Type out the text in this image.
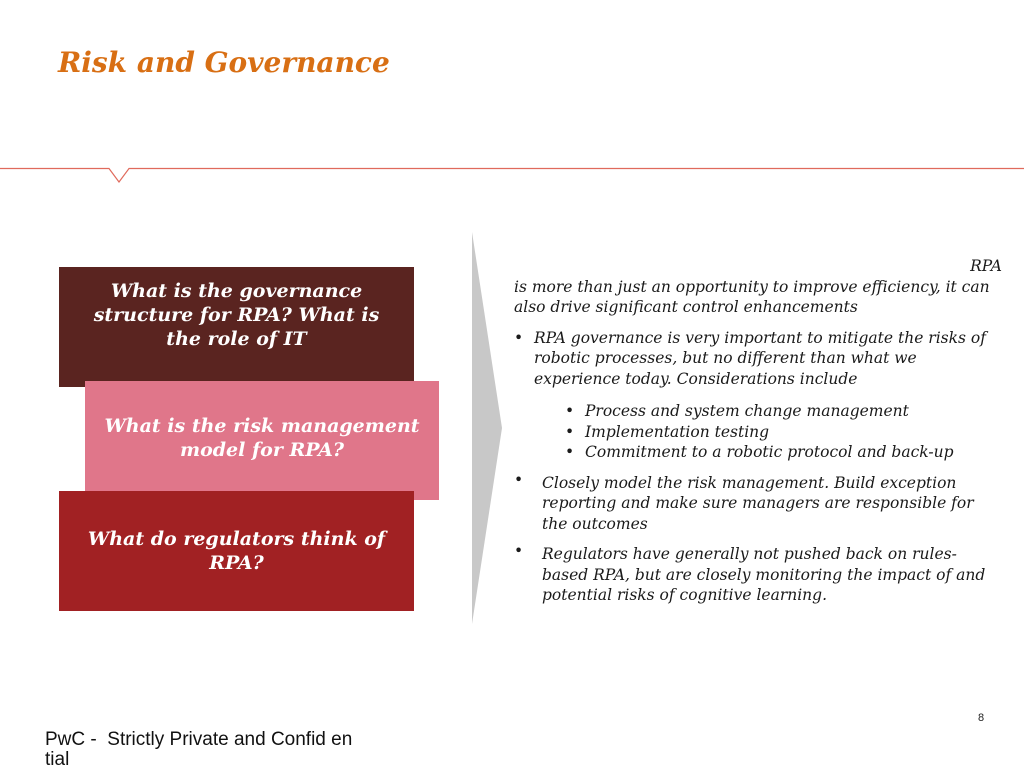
Risk and Governance
What is the governance structure for RPA? What is the role of IT
What is the risk management model for RPA?
What do regulators think of RPA?

RPA

is more than just an opportunity to improve efficiency, it can also drive significant control enhancements

• RPA governance is very important to mitigate the risks of robotic processes, but no different than what we experience today. Considerations include
• Process and system change management
• Implementation testing
• Commitment to a robotic protocol and back-up
• Closely model the risk management. Build exception reporting and make sure managers are responsible for the outcomes
• Regulators have generally not pushed back on rules-based RPA, but are closely monitoring the impact of and potential risks of cognitive learning.
8
PwC -  Strictly Private and Confid ential
